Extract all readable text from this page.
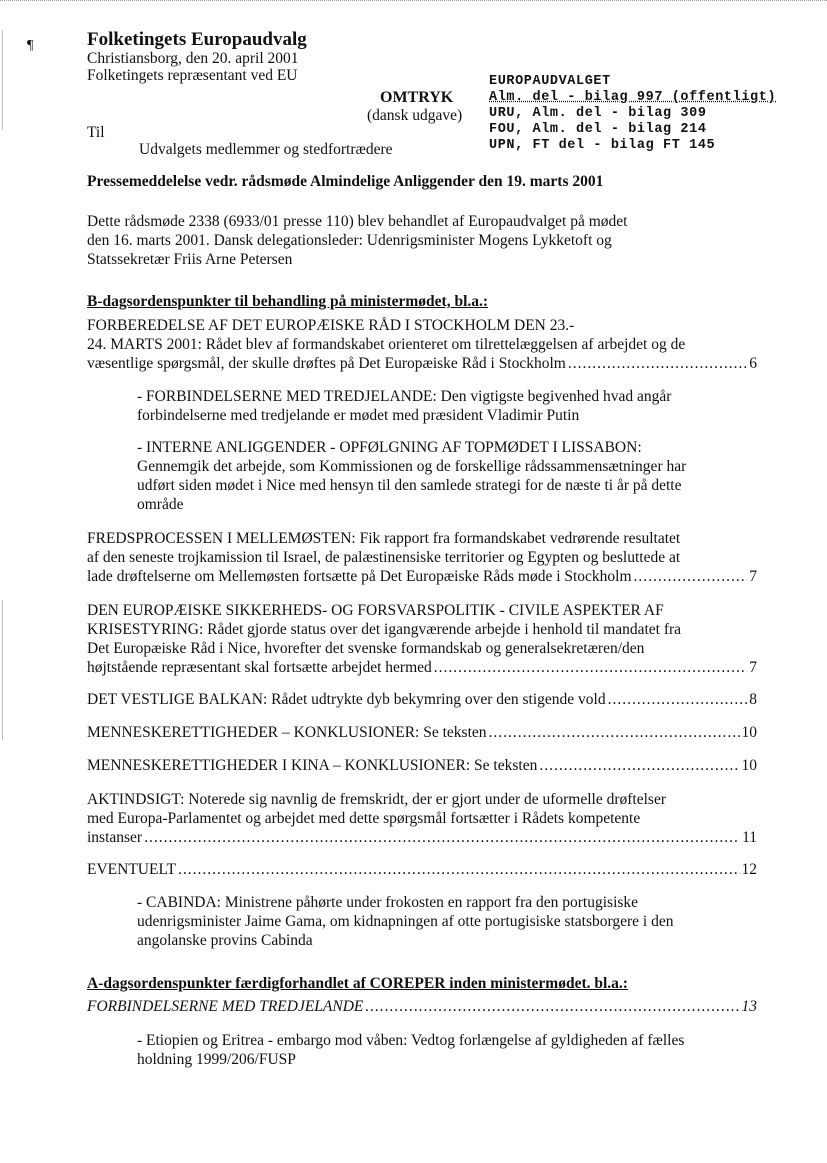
¶	Folketingets Europaudvalg
Christiansborg, den 20. april 2001
Folketingets repræsentant ved EU
OMTRYK
(dansk udgave)
Til
Udvalgets medlemmer og stedfortrædere
EUROPAUDVALGET
Alm. del - bilag 997 (offentligt)
URU, Alm. del - bilag 309
FOU, Alm. del - bilag 214
UPN, FT del - bilag FT 145
Pressemeddelelse vedr. rådsmøde Almindelige Anliggender den 19. marts 2001
Dette rådsmøde 2338 (6933/01 presse 110) blev behandlet af Europaudvalget på mødet
den 16. marts 2001. Dansk delegationsleder: Udenrigsminister Mogens Lykketoft og
Statssekretær Friis Arne Petersen
B-dagsordenspunkter til behandling på ministermødet, bl.a.:
FORBEREDELSE AF DET EUROPÆISKE RÅD I STOCKHOLM DEN 23.-
24. MARTS 2001: Rådet blev af formandskabet orienteret om tilrettelæggelsen af arbejdet og de
væsentlige spørgsmål, der skulle drøftes på Det Europæiske Råd i Stockholm .....	6
- FORBINDELSERNE MED TREDJELANDE: Den vigtigste begivenhed hvad angår
forbindelserne med tredjelande er mødet med præsident Vladimir Putin
- INTERNE ANLIGGENDER - OPFØLGNING AF TOPMØDET I LISSABON:
Gennemgik det arbejde, som Kommissionen og de forskellige rådssammensætninger har
udført siden mødet i Nice med hensyn til den samlede strategi for de næste ti år på dette
område
FREDSPROCESSEN I MELLEMØSTEN: Fik rapport fra formandskabet vedrørende resultatet
af den seneste trojkamission til Israel, de palæstinensiske territorier og Egypten og besluttede at
lade drøftelserne om Mellemøsten fortsætte på Det Europæiske Råds møde i Stockholm .....	7
DEN EUROPÆISKE SIKKERHEDS- OG FORSVARSPOLITIK - CIVILE ASPEKTER AF
KRISESTYRING: Rådet gjorde status over det igangværende arbejde i henhold til mandatet fra
Det Europæiske Råd i Nice, hvorefter det svenske formandskab og generalsekretæren/den
højtstående repræsentant skal fortsætte arbejdet hermed .....	7
DET VESTLIGE BALKAN: Rådet udtrykte dyb bekymring over den stigende vold .....	8
MENNESKERETTIGHEDER – KONKLUSIONER: Se teksten .....	10
MENNESKERETTIGHEDER I KINA – KONKLUSIONER: Se teksten .....	10
AKTINDSIGT: Noterede sig navnlig de fremskridt, der er gjort under de uformelle drøftelser
med Europa-Parlamentet og arbejdet med dette spørgsmål fortsætter i Rådets kompetente
instanser .....	11
EVENTUELT .....	12
- CABINDA: Ministrene påhørte under frokosten en rapport fra den portugisiske
udenrigsminister Jaime Gama, om kidnapningen af otte portugisiske statsborgere i den
angolanske provins Cabinda
A-dagsordenspunkter færdigforhandlet af COREPER inden ministermødet. bl.a.:
FORBINDELSERNE MED TREDJELANDE .....	13
- Etiopien og Eritrea - embargo mod våben: Vedtog forlængelse af gyldigheden af fælles
holdning 1999/206/FUSP
